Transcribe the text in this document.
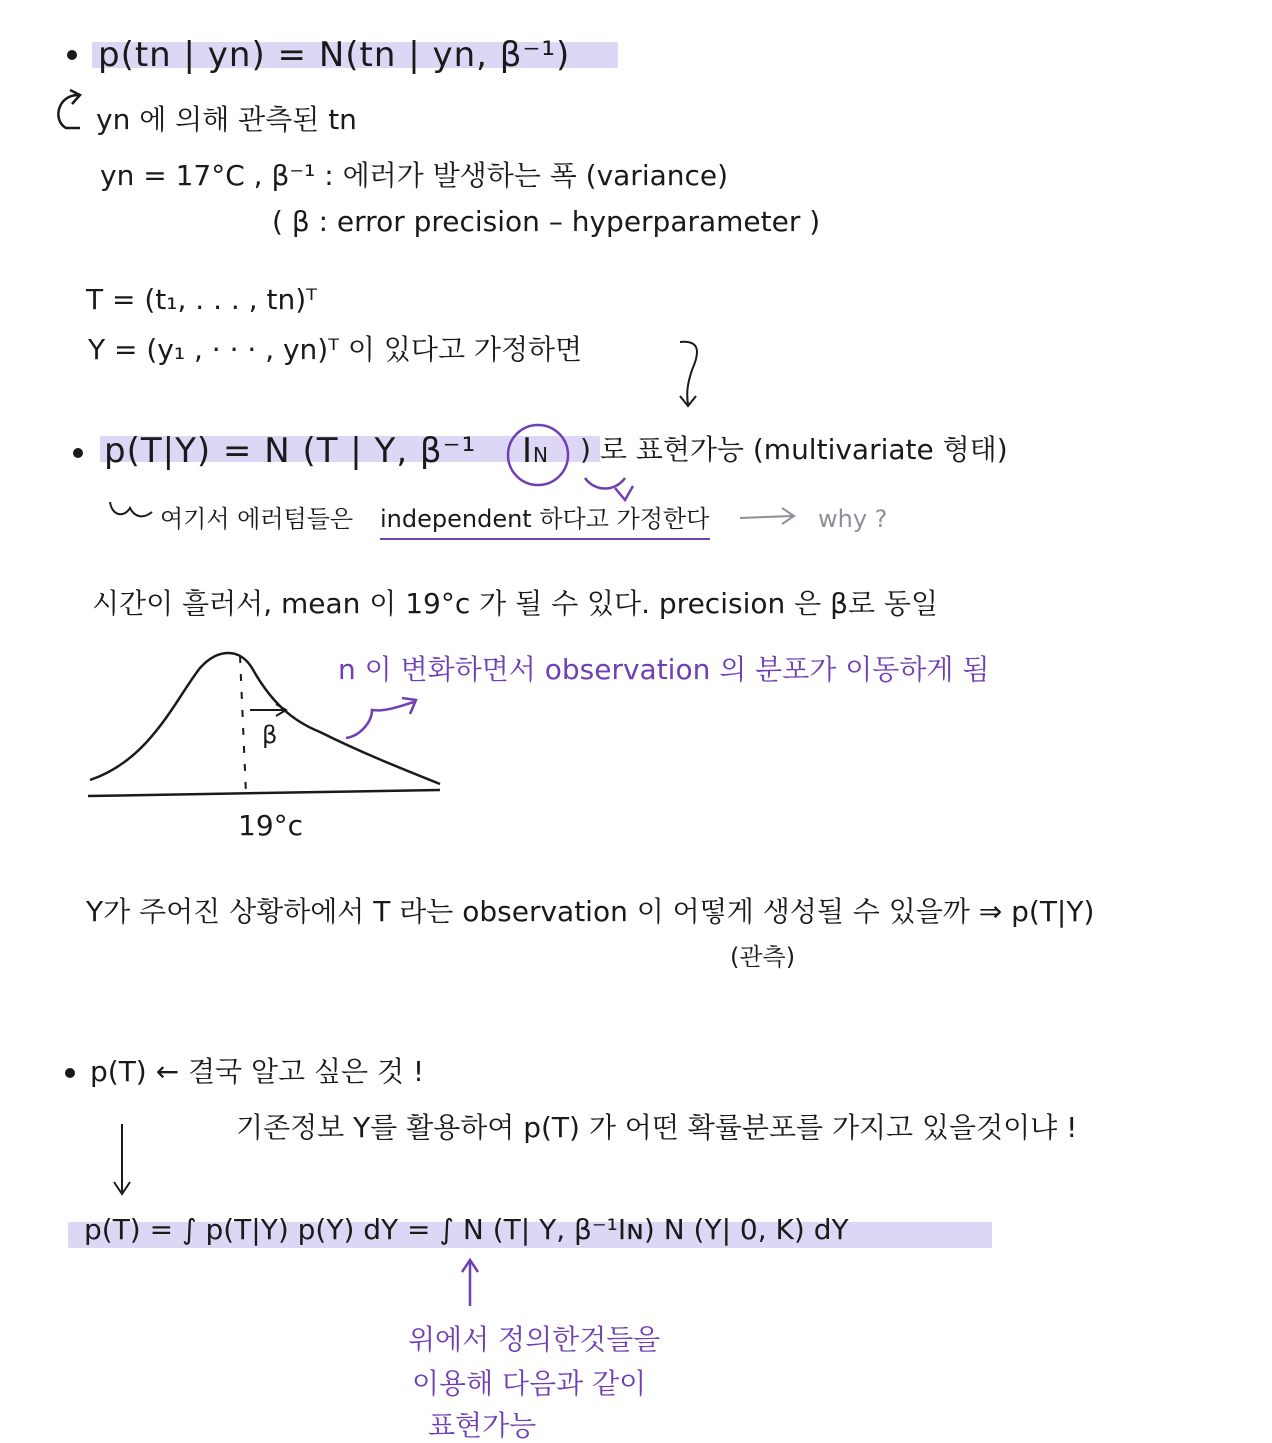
p(tn | yn) = N(tn | yn, β⁻¹)
yn 에 의해 관측된 tn
yn = 17°C , β⁻¹ : 에러가 발생하는 폭 (variance)
( β : error precision – hyperparameter )
T = (t₁, . . . , tn)ᵀ
Y = (y₁ , · · · , yn)ᵀ 이 있다고 가정하면
p(T|Y) = N (T | Y, β⁻¹ IN ) 로 표현가능 (multivariate 형태)
여기서 에러텀들은 independent 하다고 가정한다	why ?
시간이 흘러서, mean 이 19°c 가 될 수 있다. precision 은 β로 동일
n 이 변화하면서 observation 의 분포가 이동하게 됨
β
19°c
Y가 주어진 상황하에서 T 라는 observation 이 어떻게 생성될 수 있을까 ⇒ p(T|Y)
(관측)
p(T) ← 결국 알고 싶은 것 !
기존정보 Y를 활용하여 p(T) 가 어떤 확률분포를 가지고 있을것이냐 !
p(T) = ∫ p(T|Y) p(Y) dY = ∫ N (T| Y, β⁻¹Iɴ) N (Y| 0, K) dY
위에서 정의한것들을
이용해 다음과 같이
표현가능
